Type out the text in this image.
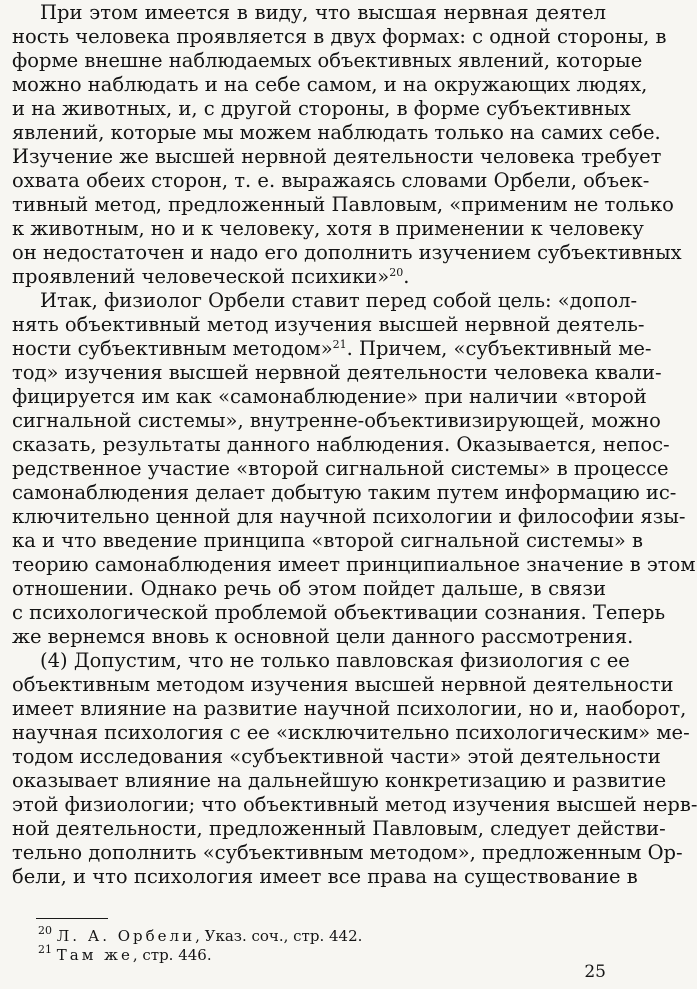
При этом имеется в виду, что высшая нервная деятел
ность человека проявляется в двух формах: с одной стороны, в
форме внешне наблюдаемых объективных явлений, которые
можно наблюдать и на себе самом, и на окружающих людях,
и на животных, и, с другой стороны, в форме субъективных
явлений, которые мы можем наблюдать только на самих себе.
Изучение же высшей нервной деятельности человека требует
охвата обеих сторон, т. е. выражаясь словами Орбели, объек-
тивный метод, предложенный Павловым, «применим не только
к животным, но и к человеку, хотя в применении к человеку
он недостаточен и надо его дополнить изучением субъективных
проявлений человеческой психики»$^{20}$.
Итак, физиолог Орбели ставит перед собой цель: «допол-
нять объективный метод изучения высшей нервной деятель-
ности субъективным методом»$^{21}$. Причем, «субъективный ме-
тод» изучения высшей нервной деятельности человека квали-
фицируется им как «самонаблюдение» при наличии «второй
сигнальной системы», внутренне-объективизирующей, можно
сказать, результаты данного наблюдения. Оказывается, непос-
редственное участие «второй сигнальной системы» в процессе
самонаблюдения делает добытую таким путем информацию ис-
ключительно ценной для научной психологии и философии язы-
ка и что введение принципа «второй сигнальной системы» в
теорию самонаблюдения имеет принципиальное значение в этом
отношении. Однако речь об этом пойдет дальше, в связи
с психологической проблемой объективации сознания. Теперь
же вернемся вновь к основной цели данного рассмотрения.
(4) Допустим, что не только павловская физиология с ее
объективным методом изучения высшей нервной деятельности
имеет влияние на развитие научной психологии, но и, наоборот,
научная психология с ее «исключительно психологическим» ме-
тодом исследования «субъективной части» этой деятельности
оказывает влияние на дальнейшую конкретизацию и развитие
этой физиологии; что объективный метод изучения высшей нерв-
ной деятельности, предложенный Павловым, следует действи-
тельно дополнить «субъективным методом», предложенным Ор-
бели, и что психология имеет все права на существование в
$^{20}$ Л. А. Орбели, Указ. соч., стр. 442.
$^{21}$ Там же, стр. 446.
25
